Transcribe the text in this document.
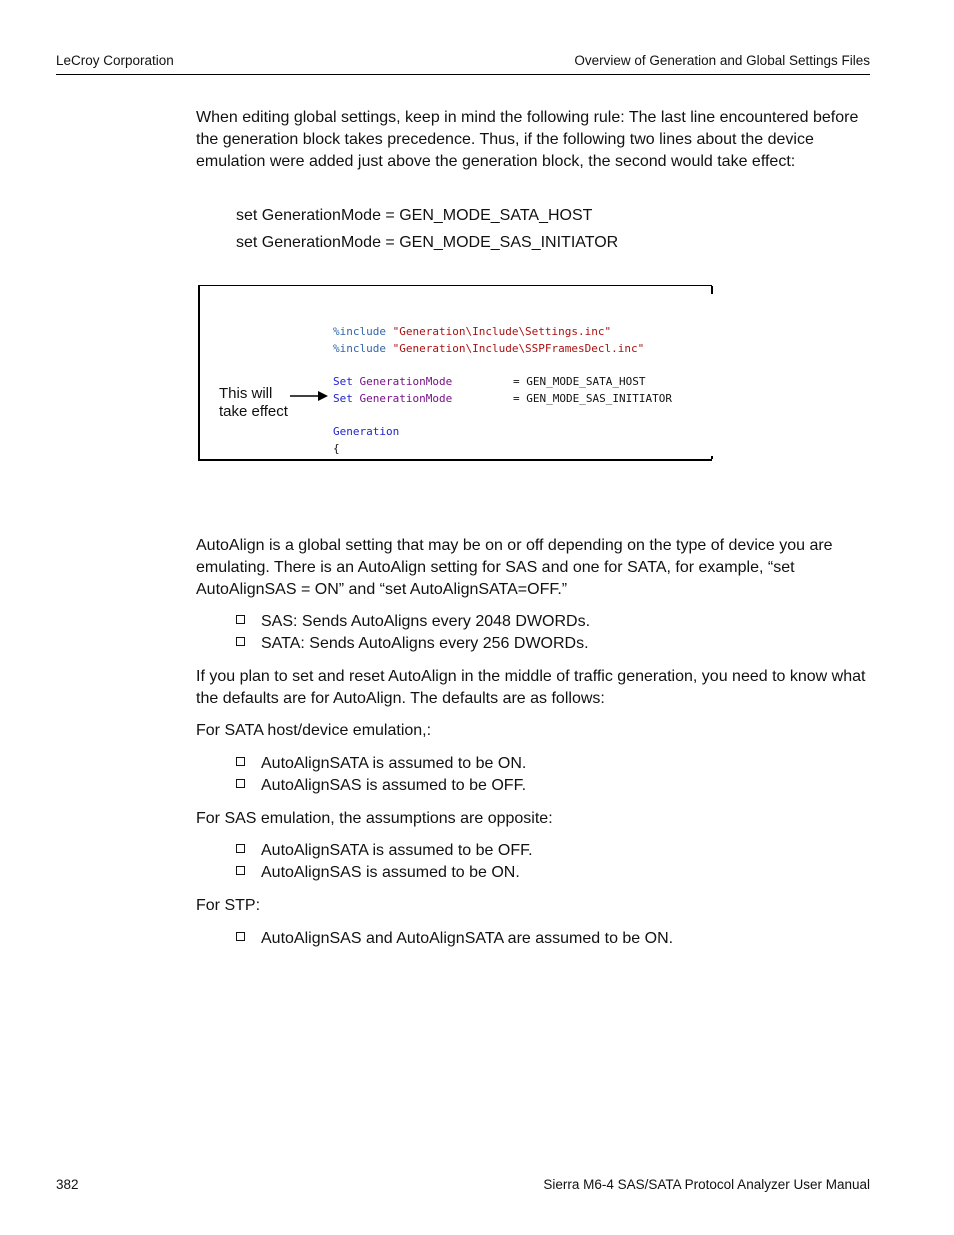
LeCroy Corporation	Overview of Generation and Global Settings Files
When editing global settings, keep in mind the following rule: The last line encountered before the generation block takes precedence. Thus, if the following two lines about the device emulation were added just above the generation block, the second would take effect:
set GenerationMode = GEN_MODE_SATA_HOST
set GenerationMode = GEN_MODE_SAS_INITIATOR
%include "Generation\Include\Settings.inc"
%include "Generation\Include\SSPFramesDecl.inc"
Set GenerationMode	= GEN_MODE_SATA_HOST
Set GenerationMode	= GEN_MODE_SAS_INITIATOR
Generation
{
This will
take effect
AutoAlign is a global setting that may be on or off depending on the type of device you are emulating. There is an AutoAlign setting for SAS and one for SATA, for example, “set AutoAlignSAS = ON” and “set AutoAlignSATA=OFF.”
SAS: Sends AutoAligns every 2048 DWORDs.
SATA: Sends AutoAligns every 256 DWORDs.
If you plan to set and reset AutoAlign in the middle of traffic generation, you need to know what the defaults are for AutoAlign. The defaults are as follows:
For SATA host/device emulation,:
AutoAlignSATA is assumed to be ON.
AutoAlignSAS is assumed to be OFF.
For SAS emulation, the assumptions are opposite:
AutoAlignSATA is assumed to be OFF.
AutoAlignSAS is assumed to be ON.
For STP:
AutoAlignSAS and AutoAlignSATA are assumed to be ON.
382	Sierra M6-4 SAS/SATA Protocol Analyzer User Manual
